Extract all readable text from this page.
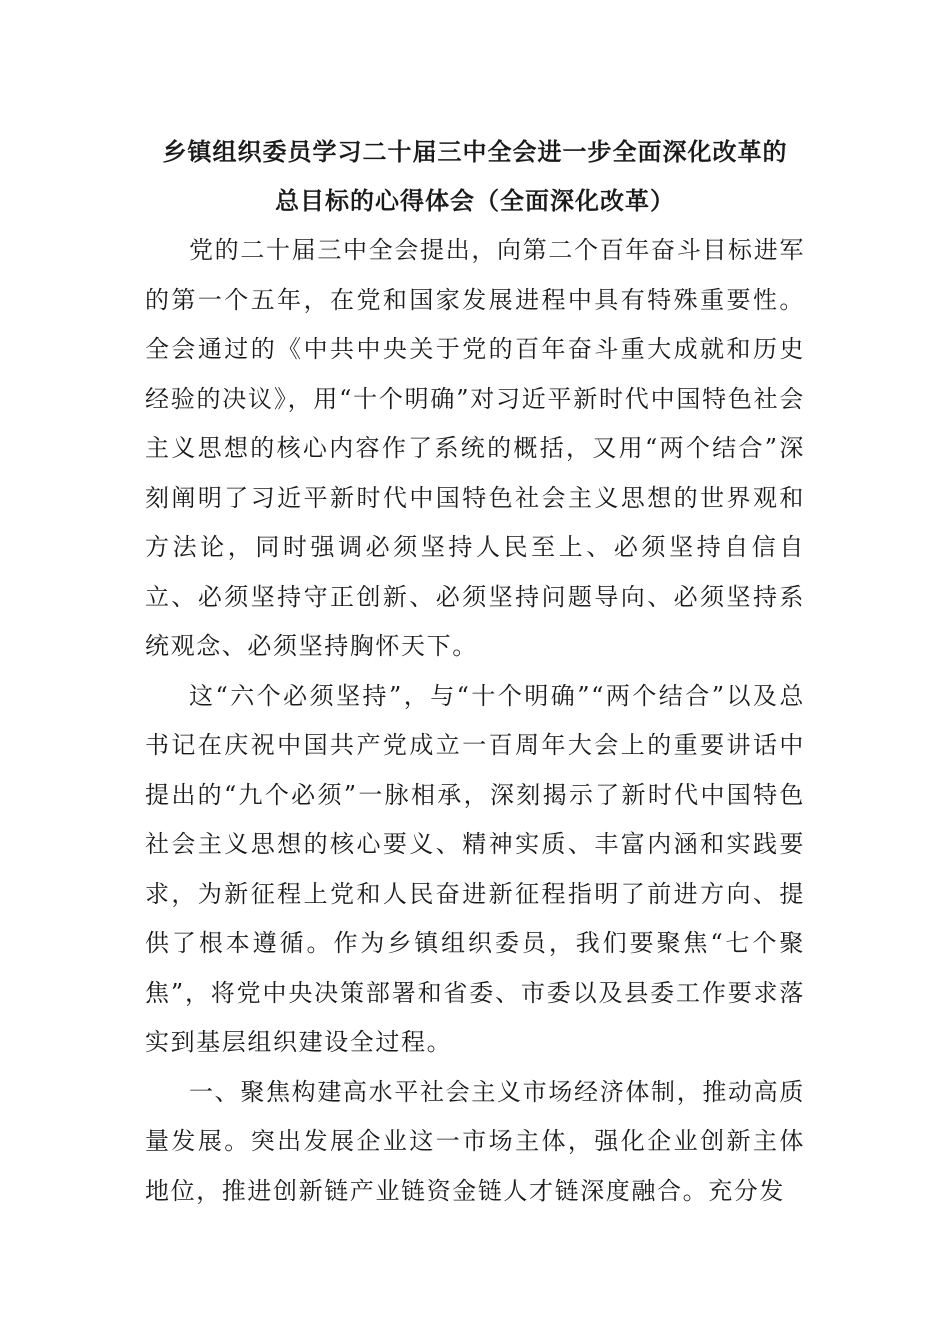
乡镇组织委员学习二十届三中全会进一步全面深化改革的
总目标的心得体会（全面深化改革）

党的二十届三中全会提出，向第二个百年奋斗目标进军的第一个五年，在党和国家发展进程中具有特殊重要性。全会通过的《中共中央关于党的百年奋斗重大成就和历史经验的决议》，用“十个明确”对习近平新时代中国特色社会主义思想的核心内容作了系统的概括，又用“两个结合”深刻阐明了习近平新时代中国特色社会主义思想的世界观和方法论，同时强调必须坚持人民至上、必须坚持自信自立、必须坚持守正创新、必须坚持问题导向、必须坚持系统观念、必须坚持胸怀天下。

这“六个必须坚持”，与“十个明确”“两个结合”以及总书记在庆祝中国共产党成立一百周年大会上的重要讲话中提出的“九个必须”一脉相承，深刻揭示了新时代中国特色社会主义思想的核心要义、精神实质、丰富内涵和实践要求，为新征程上党和人民奋进新征程指明了前进方向、提供了根本遵循。作为乡镇组织委员，我们要聚焦“七个聚焦”，将党中央决策部署和省委、市委以及县委工作要求落实到基层组织建设全过程。

一、聚焦构建高水平社会主义市场经济体制，推动高质量发展。突出发展企业这一市场主体，强化企业创新主体地位，推进创新链产业链资金链人才链深度融合。充分发
